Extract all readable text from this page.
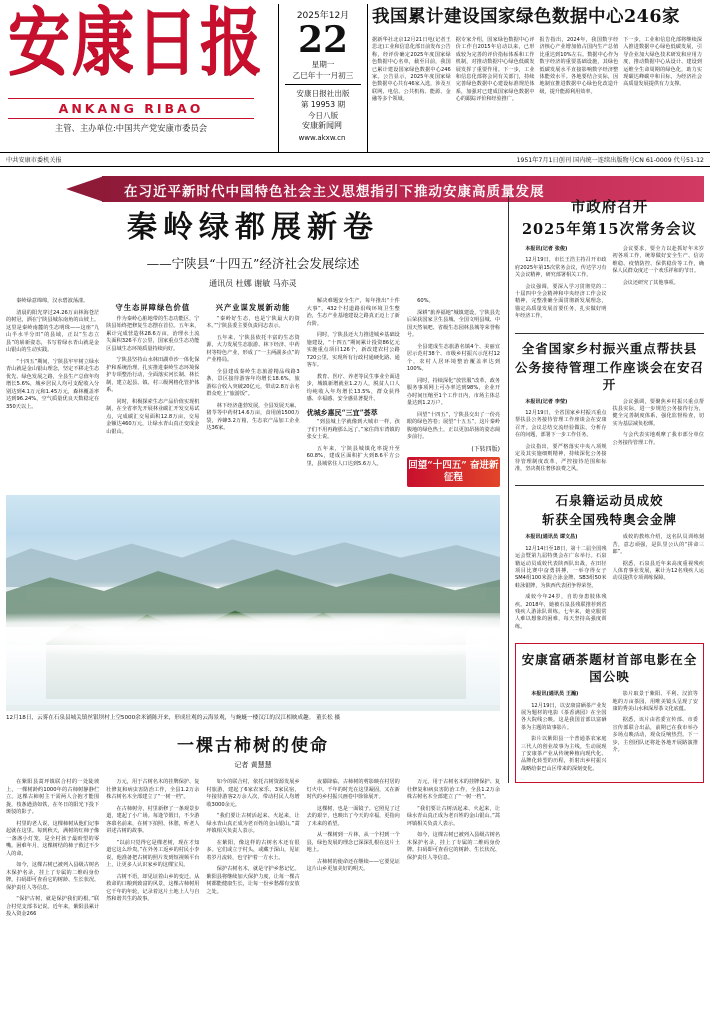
安康日报
ANKANG RIBAO
主管、主办单位:中国共产党安康市委员会
2025年12月
22
星期一
乙巳年十一月初三
安康日报社出版
第 19953 期
今日八版
安康新闻网
www.akxw.cn
我国累计建设国家绿色数据中心246家
据新华社北京12月21日电(记者王思北)工业和信息化部日前发布公告称，经评价确定2025年度国家绿色数据中心名单，截至目前，我国已累计建设国家绿色数据中心246家。公告显示，2025年度国家绿色数据中心共有46家入选，涉及互联网、电信、公共机构、能源、金融等多个领域。
据专家介绍，国家绿色数据中心评价工作自2015年启动以来，已形成较为完善的评价指标体系和工作机制，对推动数据中心绿色低碳发展发挥了重要作用。下一步，工业和信息化部将会同有关部门，持续完善绿色数据中心建设标准规范体系，加强对已建成国家绿色数据中心的跟踪评价和经验推广。
报告指出，2024年，我国数字经济核心产业增加值占国内生产总值比重达到10%左右。数据中心作为数字经济的重要基础设施，其绿色低碳发展水平直接影响数字经济整体能效水平。各地要结合实际，因地制宜推进数据中心绿色化改造升级，提升能源利用效率。
下一步，工业和信息化部将继续深入推进数据中心绿色低碳发展，引导企业加大绿色技术研发和应用力度，推动数据中心从设计、建设到运维全生命周期的绿色化，助力实现碳达峰碳中和目标，为经济社会高质量发展提供有力支撑。
中共安康市委机关报	1951年7月1日创刊 国内统一连续出版物号CN 61-0009 代号51-12
在习近平新时代中国特色社会主义思想指引下推动安康高质量发展
秦岭绿都展新卷
——宁陕县“十四五”经济社会发展综述
通讯员 杜娜 谢敏 马亦灵

秦岭绿意绵绵，汉水碧波荡漾。

清晨的阳光穿过24.26万亩林海苍茫的树冠，洒在宁陕县城东南角的山坡上。这里是秦岭南麓的生态明珠——这座“九山半水半分田”的县域，正以“生态立县”的崭新姿态，书写着绿水青山就是金山银山的生动实践。

“十四五”期间，宁陕县牢牢树立绿水青山就是金山银山理念，坚定不移走生态优先、绿色发展之路，全县生产总值年均增长5.6%，城乡居民人均可支配收入分别达到4.1万元和1.45万元，森林覆盖率达到96.24%，空气质量优良天数稳定在350天以上。

守生态屏障绿色价值

作为秦岭心脏地带的生态功能区，宁陕县始终把修复生态摆在首位。五年来，累计完成营造林28.6万亩，治理水土流失面积326平方公里，国家重点生态功能区县域生态环境质量持续向好。

宁陕县坚持山水林田湖草沙一体化保护和系统治理，扎实推进秦岭生态环境保护专项整治行动，全面落实河长制、林长制，建立起县、镇、村三级网格化管护体系。

同时，积极探索生态产品价值实现机制，在全省率先开展林业碳汇开发交易试点，完成碳汇交易面积12.8万亩，交易金额达460万元，让绿水青山真正变成金山银山。

兴产业谋发展新动能

“秦岭好生态，也是宁陕最大的资本。”宁陕县委主要负责同志表示。

五年来，宁陕县依托丰富的生态资源，大力发展生态旅游、林下经济、中药材等特色产业，形成了“一主两副多点”的产业格局。

全县建成秦岭生态旅游精品线路3条，景区接待游客年均增长18.6%，旅游综合收入突破20亿元，带动2.8万余名群众吃上“旅游饭”。

林下经济蓬勃发展，全县发展天麻、猪苓等中药材14.6万亩，食用菌1500万袋，养蜂3.2万箱，生态农产品加工企业达36家。

解决难题安全生产，每年推出“十件大事”，432个村道路沿线环境卫生整治，生态产业基地建设之路真正迈上了新台阶。

同时，宁陕县还大力推进城乡基础设施建设，“十四五”期间累计投资86亿元实施重点项目126个，新改建农村公路720公里，实现所有行政村通硬化路、通客车。

教育、医疗、养老等民生事业全面进步，城镇新增就业1.2万人，脱贫人口人均纯收入年均增长13.5%，群众获得感、幸福感、安全感显著提升。

优城乡惠民“三宜”荟萃

“到县城上学就像到大城市一样，孩子们不用再跑那么远了。”家住筒车湾镇的张女士说。

五年来，宁陕县城镇化率提升至60.8%，建成区面积扩大到8.6平方公里，县城常住人口达到5.6万人。

60%。

深耕“旅养福地”城镇建设，宁陕县先后荣获国家卫生县城、全国文明县城、中国天然氧吧、省级生态园林县城等荣誉称号。

全县建成生态旅游名镇4个、美丽宜居示范村38个、市级乡村振兴示范村12个，农村人居环境整治覆盖率达到100%。

同时，持续深化“放管服”改革，政务服务事项网上可办率达到98%，企业开办时间压缩至1个工作日内，市场主体总量达到1.2万户。

回望“十四五”，宁陕县交出了一份亮眼的绿色答卷；展望“十五五”，这片秦岭腹地的绿色热土，正以更加昂扬的姿态阔步前行。

(下转四版)
回望“十四五” 奋进新征程
12月18日，云雾在石泉县城关镇丝银坝村上空5000余米铺陈开来，形成壮观的云海景观，与蜿蜒一楼汉江的汉江相映成趣。 董长松 摄
一棵古柿树的使命
记者 黄慧慧

在紫阳县蒿坪镇联合村的一处陡坡上，一棵树龄约1000年的古柿树静静伫立。这棵古柿树主干需两人合抱才能围拢，枝条遒劲如铁，在冬日的阳光下投下斑驳的影子。

村里的老人说，这棵柿树从他们记事起就在这里。每到秋天，满树的红柿子像一盏盏小灯笼，是全村孩子最盼望的零嘴。困难年月，这棵树结的柿子救过不少人的命。

如今，这棵古树已被列入县级古树名木保护名录，挂上了专属的二维码身份牌。扫码即可查看它的树龄、生长状况、保护责任人等信息。

“保护古树，就是保护我们的根。”联合村党支部书记说。近年来，紫阳县累计投入资金266

万元，用于古树名木的挂牌保护、复壮修复和病虫害防治工作，全县1.2万余株古树名木全部建立了“一树一档”。

在古柿树旁，村里新修了一条观景步道，建起了小广场。每逢节假日，不少游客慕名前来，在树下拍照、休憩，听老人讲述古树的故事。

“以前只觉得它是棵老树，现在才知道它这么珍贵。”在外务工返乡的村民小李说，他准备把古树的照片发到短视频平台上，让更多人认识家乡的这棵宝贝。

古树不语，却见证着山乡的变迁。从救命的口粮到致富的风景，这棵古柿树用它千年的年轮，记录着这片土地上人与自然和谐共生的故事。

如今的联合村，依托古树资源发展乡村旅游，建起了6家农家乐、3家民宿，年接待游客2万余人次，带动村民人均增收3000余元。

“我们要让古树活起来、火起来，让绿水青山真正成为老百姓的金山银山。”蒿坪镇相关负责人表示。

在紫阳，像这样的古树名木还有很多。它们或立于村头，或藏于深山，见证着岁月流转，也守护着一方水土。

保护古树名木，就是守护乡愁记忆。紫阳县将继续加大保护力度，让每一棵古树都能健康生长，让每一份乡愁都有安放之处。

夜幕降临，古柿树的剪影映在村居的灯火中。千年的时光在这里凝固，又在新时代的乡村振兴画卷中徐徐展开。

这棵树，也是一面镜子。它照见了过去的艰辛，也映出了今天的幸福，更指向了未来的希望。

从一棵树到一片林，从一个村到一个县，绿色发展的理念已深深扎根在这片土地上。

古柿树的使命还在继续——它要见证这片山乡更加美好的明天。

万元，用于古树名木的挂牌保护、复壮修复和病虫害防治工作，全县1.2万余株古树名木全部建立了“一树一档”。

“我们要让古树活起来、火起来，让绿水青山真正成为老百姓的金山银山。”蒿坪镇相关负责人表示。

如今，这棵古树已被列入县级古树名木保护名录，挂上了专属的二维码身份牌。扫码即可查看它的树龄、生长状况、保护责任人等信息。

市政府召开
2025年第15次常务会议

本报讯(记者 张俊)

12月19日，市长王浩主持召开市政府2025年第15次常务会议，传达学习有关会议精神，研究部署相关工作。

会议强调，要深入学习贯彻党的二十届四中全会精神和中央经济工作会议精神，完整准确全面贯彻新发展理念，锚定高质量发展首要任务，扎实做好明年经济工作。

会议要求，要全力以赴抓好年末岁初各项工作，统筹做好安全生产、信访维稳、疫情防控、保供稳价等工作，确保人民群众度过一个欢乐祥和的节日。

会议还研究了其他事项。

全省国家乡村振兴重点帮扶县
公务接待管理工作座谈会在安召开

本报讯(记者 李莹)

12月19日，全省国家乡村振兴重点帮扶县公务接待管理工作座谈会在安康召开。会议总结交流经验做法，分析存在的问题，部署下一步工作任务。

会议指出，要严格落实中央八项规定及其实施细则精神，持续深化公务接待管理制度改革，严控接待范围和标准，坚决刹住奢侈浪费之风。

会议强调，要聚焦乡村振兴重点帮扶县实际，进一步规范公务接待行为，健全完善制度体系，强化监督检查，切实为基层减负松绑。

与会代表实地观摩了我市部分单位公务接待管理工作。

石泉籍运动员成姣
斩获全国残特奥会金牌

本报讯(通讯员 谭文昌)

12月14日至18日，第十二届全国残运会暨第九届特奥会在广东举行。石泉籍运动员成姣代表陕西队出战，在田径项目比赛中奋勇拼搏，一举夺得女子SM4组100米混合泳金牌、SB3组50米蛙泳银牌，为陕西代表团争得荣誉。

成姣今年24岁，自幼身患肢体残疾。2018年，她被石泉县残联推荐到省残疾人游泳队训练。七年来，她克服常人难以想象的困难，每天坚持高强度训练。

成姣的教练介绍，这名队员训练刻苦，意志顽强，是队里公认的“拼命三郎”。

据悉，石泉县近年来高度重视残疾人体育事业发展，累计为12名残疾人运动员提供专项训练保障。

安康富硒茶题材首部电影在全国公映

本报讯(通讯员 王瀚)

12月19日，以安康富硒茶产业发展为题材的电影《茶香满园》在全国各大院线公映。这是我国首部以富硒茶为主题的故事影片。

影片以紫阳县一个普通茶农家庭三代人的创业故事为主线，生动展现了安康茶产业从传统种植向现代化、品牌化转型的历程，折射出乡村振兴战略给秦巴山区带来的深刻变化。

影片取景于紫阳、平利、汉滨等地的万亩茶园，用唯美镜头呈现了安康的秀美山水和深厚茶文化底蕴。

据悉，该片由省委宣传部、市委宣传部联合出品，前期已在我市举办多场点映活动，观众反响热烈。下一步，主创团队还将赴各地开展路演推介。
